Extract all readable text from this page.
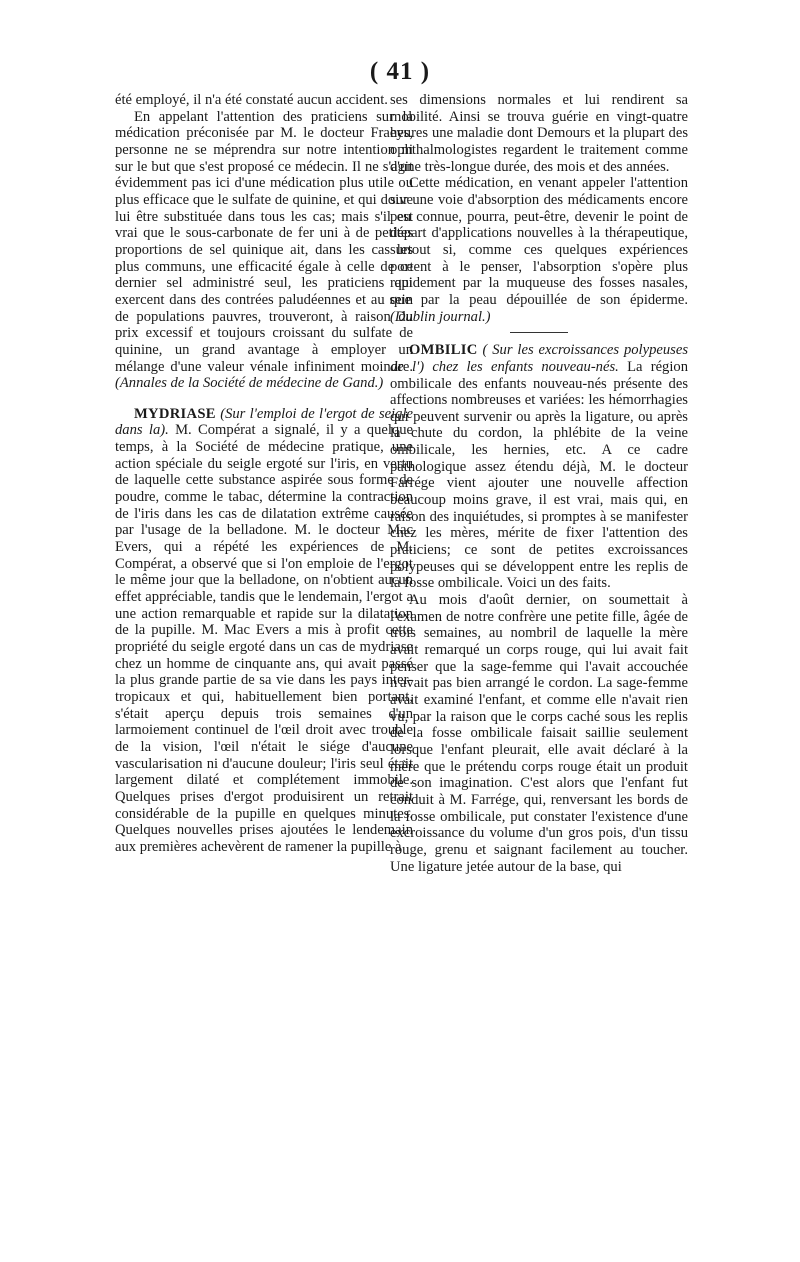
( 41 )

été employé, il n'a été constaté aucun accident.

En appelant l'attention des praticiens sur la médication préconisée par M. le docteur Fraeys, personne ne se méprendra sur notre intention ni sur le but que s'est proposé ce médecin. Il ne s'agit évidemment pas ici d'une médication plus utile ou plus efficace que le sulfate de quinine, et qui doive lui être substituée dans tous les cas; mais s'il est vrai que le sous-carbonate de fer uni à de petites proportions de sel quinique ait, dans les cas les plus communs, une efficacité égale à celle de ce dernier sel administré seul, les praticiens qui exercent dans des contrées paludéennes et au sein de populations pauvres, trouveront, à raison du prix excessif et toujours croissant du sulfate de quinine, un grand avantage à employer un mélange d'une valeur vénale infiniment moindre. (Annales de la Société de médecine de Gand.)

MYDRIASE (Sur l'emploi de l'ergot de seigle dans la). M. Compérat a signalé, il y a quelque temps, à la Société de médecine pratique, une action spéciale du seigle ergoté sur l'iris, en vertu de laquelle cette substance aspirée sous forme de poudre, comme le tabac, détermine la contraction de l'iris dans les cas de dilatation extrême causée par l'usage de la belladone. M. le docteur Mac Evers, qui a répété les expériences de M. Compérat, a observé que si l'on emploie de l'ergot le même jour que la belladone, on n'obtient aucun effet appréciable, tandis que le lendemain, l'ergot a une action remarquable et rapide sur la dilatation de la pupille. M. Mac Evers a mis à profit cette propriété du seigle ergoté dans un cas de mydriase chez un homme de cinquante ans, qui avait passé la plus grande partie de sa vie dans les pays inter-tropicaux et qui, habituellement bien portant, s'était aperçu depuis trois semaines d'un larmoiement continuel de l'œil droit avec trouble de la vision, l'œil n'était le siége d'aucune vascularisation ni d'aucune douleur; l'iris seul était largement dilaté et complétement immobile. Quelques prises d'ergot produisirent un retrait considérable de la pupille en quelques minutes. Quelques nouvelles prises ajoutées le lendemain aux premières achevèrent de ramener la pupille à

ses dimensions normales et lui rendirent sa mobilité. Ainsi se trouva guérie en vingt-quatre heures une maladie dont Demours et la plupart des ophthalmologistes regardent le traitement comme d'une très-longue durée, des mois et des années.

Cette médication, en venant appeler l'attention sur une voie d'absorption des médicaments encore peu connue, pourra, peut-être, devenir le point de départ d'applications nouvelles à la thérapeutique, surtout si, comme ces quelques expériences portent à le penser, l'absorption s'opère plus rapidement par la muqueuse des fosses nasales, que par la peau dépouillée de son épiderme. (Dublin journal.)

OMBILIC ( Sur les excroissances polypeuses de l') chez les enfants nouveau-nés. La région ombilicale des enfants nouveau-nés présente des affections nombreuses et variées: les hémorrhagies qui peuvent survenir ou après la ligature, ou après la chute du cordon, la phlébite de la veine ombilicale, les hernies, etc. A ce cadre pathologique assez étendu déjà, M. le docteur Farrége vient ajouter une nouvelle affection beaucoup moins grave, il est vrai, mais qui, en raison des inquiétudes, si promptes à se manifester chez les mères, mérite de fixer l'attention des praticiens; ce sont de petites excroissances polypeuses qui se développent entre les replis de la fosse ombilicale. Voici un des faits.

Au mois d'août dernier, on soumettait à l'examen de notre confrère une petite fille, âgée de trois semaines, au nombril de laquelle la mère avait remarqué un corps rouge, qui lui avait fait penser que la sage-femme qui l'avait accouchée n'avait pas bien arrangé le cordon. La sage-femme avait examiné l'enfant, et comme elle n'avait rien vu, par la raison que le corps caché sous les replis de la fosse ombilicale faisait saillie seulement lorsque l'enfant pleurait, elle avait déclaré à la mère que le prétendu corps rouge était un produit de son imagination. C'est alors que l'enfant fut conduit à M. Farrége, qui, renversant les bords de la fosse ombilicale, put constater l'existence d'une excroissance du volume d'un gros pois, d'un tissu rouge, grenu et saignant facilement au toucher. Une ligature jetée autour de la base, qui
